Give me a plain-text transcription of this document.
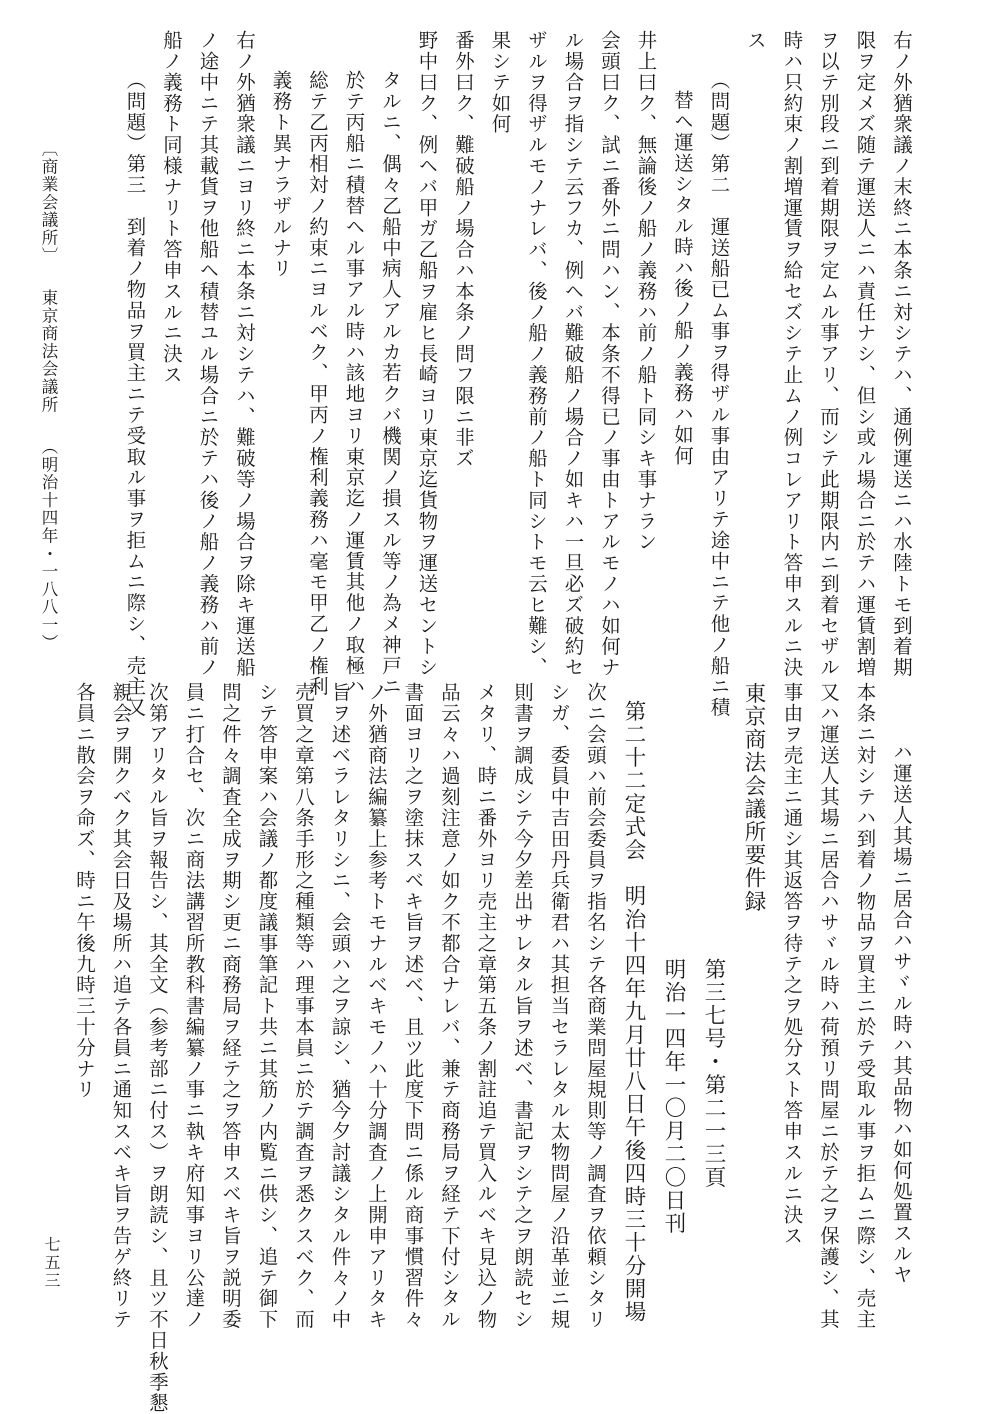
右ノ外猶衆議ノ末終ニ本条ニ対シテハ、通例運送ニハ水陸トモ到着期
限ヲ定メズ随テ運送人ニハ責任ナシ、但シ或ル場合ニ於テハ運賃割増
ヲ以テ別段ニ到着期限ヲ定ムル事アリ、而シテ此期限内ニ到着セザル
時ハ只約束ノ割増運賃ヲ給セズシテ止ムノ例コレアリト答申スルニ決
ス
（問題）第二　運送船已ム事ヲ得ザル事由アリテ途中ニテ他ノ船ニ積
替ヘ運送シタル時ハ後ノ船ノ義務ハ如何
井上曰ク、無論後ノ船ノ義務ハ前ノ船ト同シキ事ナラン
会頭曰ク、試ニ番外ニ問ハン、本条不得已ノ事由トアルモノハ如何ナ
ル場合ヲ指シテ云フカ、例ヘバ難破船ノ場合ノ如キハ一旦必ズ破約セ
ザルヲ得ザルモノナレバ、後ノ船ノ義務前ノ船ト同シトモ云ヒ難シ、
果シテ如何
番外曰ク、難破船ノ場合ハ本条ノ問フ限ニ非ズ
野中曰ク、例ヘバ甲ガ乙船ヲ雇ヒ長崎ヨリ東京迄貨物ヲ運送セントシ
タルニ、偶々乙船中病人アルカ若クバ機関ノ損スル等ノ為メ神戸ニ
於テ丙船ニ積替ヘル事アル時ハ該地ヨリ東京迄ノ運賃其他ノ取極ハ
総テ乙丙相対ノ約束ニヨルベク、甲丙ノ権利義務ハ毫モ甲乙ノ権利
義務ト異ナラザルナリ
右ノ外猶衆議ニヨリ終ニ本条ニ対シテハ、難破等ノ場合ヲ除キ運送船
ノ途中ニテ其載貨ヲ他船ヘ積替ユル場合ニ於テハ後ノ船ノ義務ハ前ノ
船ノ義務ト同様ナリト答申スルニ決ス
（問題）第三　到着ノ物品ヲ買主ニテ受取ル事ヲ拒ムニ際シ、売主又
ハ運送人其場ニ居合ハサヾル時ハ其品物ハ如何処置スルヤ
本条ニ対シテハ到着ノ物品ヲ買主ニ於テ受取ル事ヲ拒ムニ際シ、売主
又ハ運送人其場ニ居合ハサヾル時ハ荷預リ問屋ニ於テ之ヲ保護シ、其
事由ヲ売主ニ通シ其返答ヲ待テ之ヲ処分スト答申スルニ決ス
東京商法会議所要件録
第三七号・第二一三頁
明治一四年一〇月二〇日刊
第二十二定式会　明治十四年九月廿八日午後四時三十分開場
次ニ会頭ハ前会委員ヲ指名シテ各商業問屋規則等ノ調査ヲ依頼シタリ
シガ、委員中吉田丹兵衛君ハ其担当セラレタル太物問屋ノ沿革並ニ規
則書ヲ調成シテ今夕差出サレタル旨ヲ述ベ、書記ヲシテ之ヲ朗読セシ
メタリ、時ニ番外ヨリ売主之章第五条ノ割註追テ買入ルベキ見込ノ物
品云々ハ過刻注意ノ如ク不都合ナレバ、兼テ商務局ヲ経テ下付シタル
書面ヨリ之ヲ塗抹スベキ旨ヲ述ベ、且ツ此度下問ニ係ル商事慣習件々
ノ外猶商法編纂上参考トモナルベキモノハ十分調査ノ上開申アリタキ
旨ヲ述ベラレタリシニ、会頭ハ之ヲ諒シ、猶今夕討議シタル件々ノ中
売買之章第八条手形之種類等ハ理事本員ニ於テ調査ヲ悉クスベク、而
シテ答申案ハ会議ノ都度議事筆記ト共ニ其筋ノ内覧ニ供シ、追テ御下
問之件々調査全成ヲ期シ更ニ商務局ヲ経テ之ヲ答申スベキ旨ヲ説明委
員ニ打合セ、次ニ商法講習所教科書編纂ノ事ニ執キ府知事ヨリ公達ノ
次第アリタル旨ヲ報告シ、其全文（参考部ニ付ス）ヲ朗読シ、且ツ不日秋季懇
親会ヲ開クベク其会日及場所ハ追テ各員ニ通知スベキ旨ヲ告ゲ終リテ
各員ニ散会ヲ命ズ、時ニ午後九時三十分ナリ
〔商業会議所〕 東京商法会議所 （明治十四年・一八八一）
七五三
